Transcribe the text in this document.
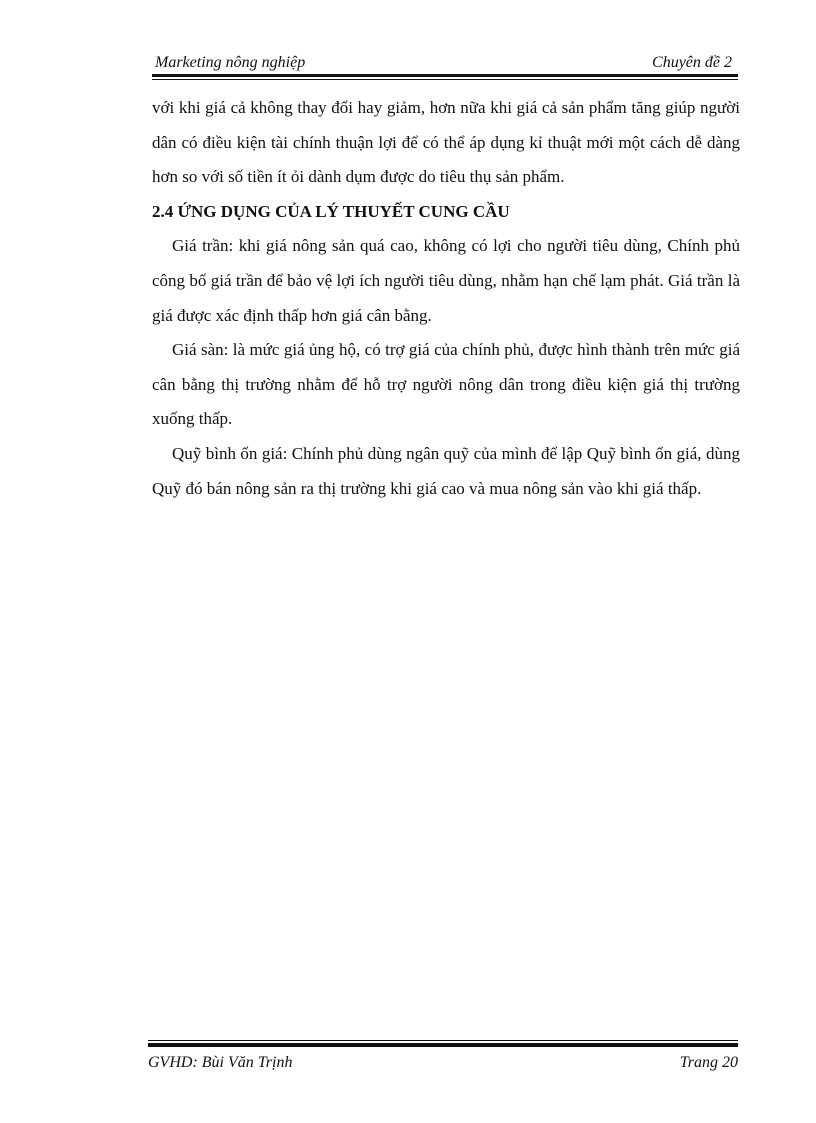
Marketing nông nghiệp	Chuyên đề 2

với khi giá cả không thay đổi hay giảm, hơn nữa khi giá cả sản phẩm tăng giúp người dân có điều kiện tài chính thuận lợi để có thể áp dụng kỉ thuật mới một cách dễ dàng hơn so với số tiền ít ỏi dành dụm được do tiêu thụ sản phẩm.

2.4 ỨNG DỤNG CỦA LÝ THUYẾT CUNG CẦU

Giá trần: khi giá nông sản quá cao, không có lợi cho người tiêu dùng, Chính phủ công bố giá trần để bảo vệ lợi ích người tiêu dùng, nhằm hạn chế lạm phát. Giá trần là giá được xác định thấp hơn giá cân bằng.

Giá sàn: là mức giá ủng hộ, có trợ giá của chính phủ, được hình thành trên mức giá cân bằng thị trường nhằm để hỗ trợ người nông dân trong điều kiện giá thị trường xuống thấp.

Quỹ bình ổn giá: Chính phủ dùng ngân quỹ của mình để lập Quỹ bình ổn giá, dùng Quỹ đó bán nông sản ra thị trường khi giá cao và mua nông sản vào khi giá thấp.

GVHD: Bùi Văn Trịnh	Trang 20
